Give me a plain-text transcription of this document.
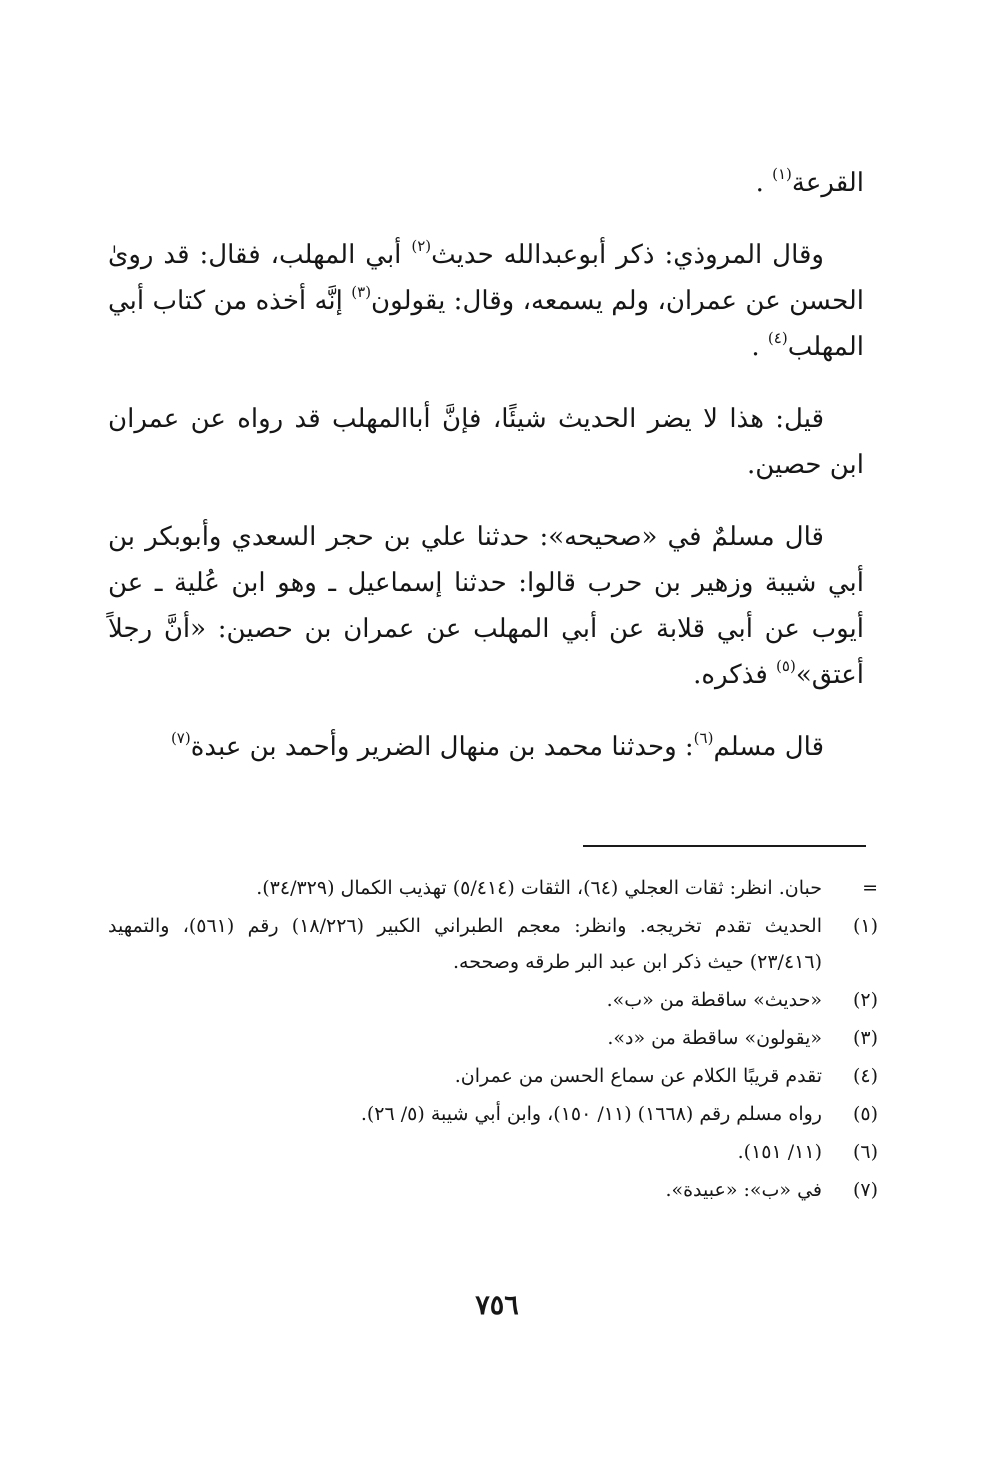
القرعة$^{(١)}$ .

وقال المروذي: ذكر أبوعبدالله حديث$^{(٢)}$ أبي المهلب، فقال: قد روىٰ الحسن عن عمران، ولم يسمعه، وقال: يقولون$^{(٣)}$ إنَّه أخذه من كتاب أبي المهلب$^{(٤)}$ .

قيل: هذا لا يضر الحديث شيئًا، فإنَّ أباالمهلب قد رواه عن عمران ابن حصين.

قال مسلمٌ في «صحيحه»: حدثنا علي بن حجر السعدي وأبوبكر بن أبي شيبة وزهير بن حرب قالوا: حدثنا إسماعيل ـ وهو ابن عُلية ـ عن أيوب عن أبي قلابة عن أبي المهلب عن عمران بن حصين: «أنَّ رجلاً أعتق»$^{(٥)}$ فذكره.

قال مسلم$^{(٦)}$: وحدثنا محمد بن منهال الضرير وأحمد بن عبدة$^{(٧)}$

=
حبان. انظر: ثقات العجلي (٦٤)، الثقات (٥/٤١٤) تهذيب الكمال (٣٤/٣٢٩).
(١)
الحديث تقدم تخريجه. وانظر: معجم الطبراني الكبير (١٨/٢٢٦) رقم (٥٦١)، والتمهيد (٢٣/٤١٦) حيث ذكر ابن عبد البر طرقه وصححه.
(٢)
«حديث» ساقطة من «ب».
(٣)
«يقولون» ساقطة من «د».
(٤)
تقدم قريبًا الكلام عن سماع الحسن من عمران.
(٥)
رواه مسلم رقم (١٦٦٨) (١١/ ١٥٠)، وابن أبي شيبة (٥/ ٢٦).
(٦)
(١١/ ١٥١).
(٧)
في «ب»: «عبيدة».
٧٥٦
